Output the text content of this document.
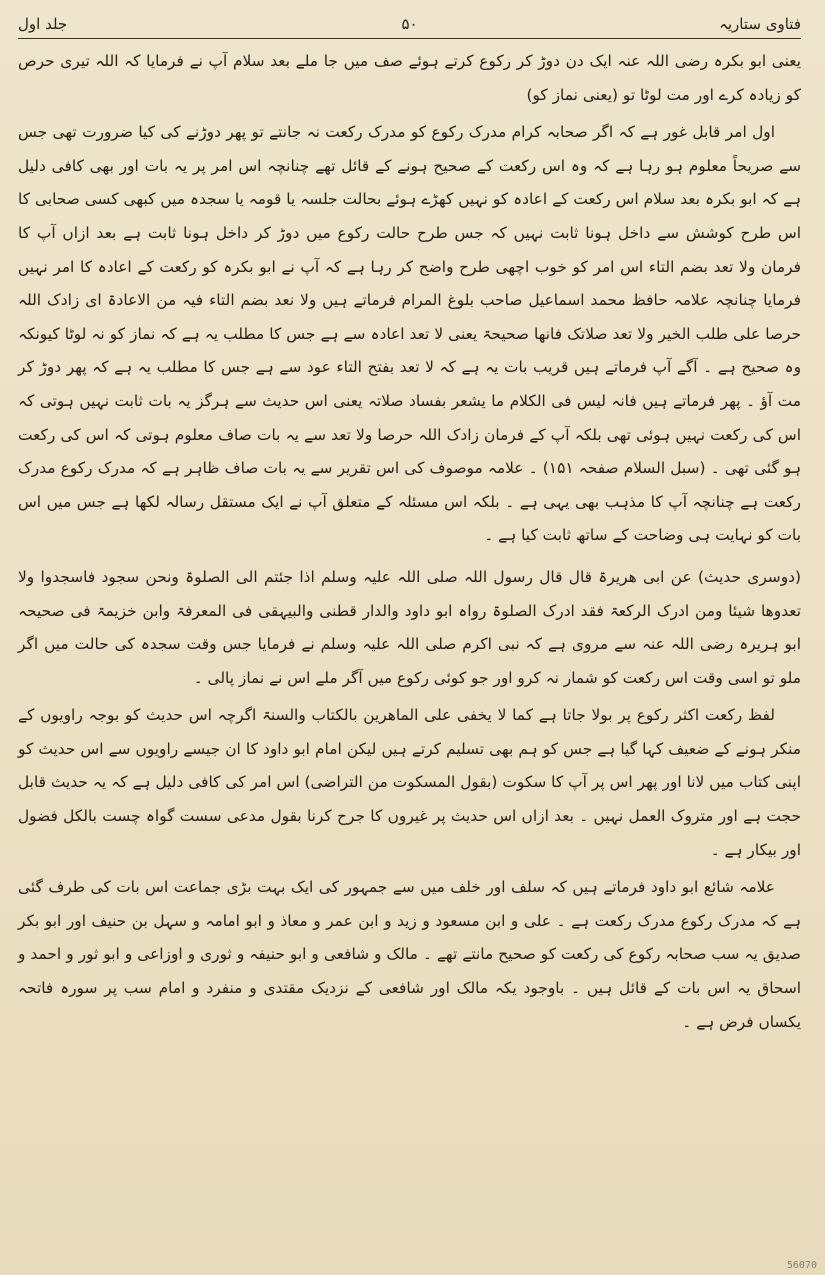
فتاوی ستاریہ
۵۰
جلد اول

یعنی ابو بکرہ رضی اللہ عنہ ایک دن دوڑ کر رکوع کرتے ہوئے صف میں جا ملے بعد سلام آپ نے فرمایا کہ اللہ تیری حرص کو زیادہ کرے اور مت لوٹا تو (یعنی نماز کو)

اول امر قابل غور ہے کہ اگر صحابہ کرام مدرک رکوع کو مدرک رکعت نہ جانتے تو پھر دوڑنے کی کیا ضرورت تھی جس سے صریحاً معلوم ہو رہا ہے کہ وہ اس رکعت کے صحیح ہونے کے قائل تھے چنانچہ اس امر پر یہ بات اور بھی کافی دلیل ہے کہ ابو بکرہ بعد سلام اس رکعت کے اعادہ کو نہیں کھڑے ہوئے بحالت جلسہ یا قومہ یا سجدہ میں کبھی کسی صحابی کا اس طرح کوشش سے داخل ہونا ثابت نہیں کہ جس طرح حالت رکوع میں دوڑ کر داخل ہونا ثابت ہے بعد ازاں آپ کا فرمان ولا تعد بضم التاء اس امر کو خوب اچھی طرح واضح کر رہا ہے کہ آپ نے ابو بکرہ کو رکعت کے اعادہ کا امر نہیں فرمایا چنانچہ علامہ حافظ محمد اسماعیل صاحب بلوغ المرام فرماتے ہیں ولا نعد بضم التاء فیہ من الاعادۃ ای زادک اللہ حرصا علی طلب الخیر ولا تعد صلاتک فانھا صحیحۃ یعنی لا تعد اعادہ سے ہے جس کا مطلب یہ ہے کہ نماز کو نہ لوٹا کیونکہ وہ صحیح ہے ۔ آگے آپ فرماتے ہیں قریب بات یہ ہے کہ لا تعد بفتح التاء عود سے ہے جس کا مطلب یہ ہے کہ پھر دوڑ کر مت آؤ ۔ پھر فرماتے ہیں فانہ لیس فی الکلام ما یشعر بفساد صلاتہ یعنی اس حدیث سے ہرگز یہ بات ثابت نہیں ہوتی کہ اس کی رکعت نہیں ہوئی تھی بلکہ آپ کے فرمان زادک اللہ حرصا ولا تعد سے یہ بات صاف معلوم ہوتی کہ اس کی رکعت ہو گئی تھی ۔ (سبل السلام صفحہ ۱۵۱) ۔ علامہ موصوف کی اس تقریر سے یہ بات صاف ظاہر ہے کہ مدرک رکوع مدرک رکعت ہے چنانچہ آپ کا مذہب بھی یہی ہے ۔ بلکہ اس مسئلہ کے متعلق آپ نے ایک مستقل رسالہ لکھا ہے جس میں اس بات کو نہایت ہی وضاحت کے ساتھ ثابت کیا ہے ۔

(دوسری حدیث) عن ابی ھریرۃ قال قال رسول اللہ صلی اللہ علیہ وسلم اذا جئتم الی الصلوۃ ونحن سجود فاسجدوا ولا تعدوھا شیئا ومن ادرک الرکعۃ فقد ادرک الصلوۃ رواہ ابو داود والدار قطنی والبیہقی فی المعرفۃ وابن خزیمۃ فی صحیحہ ابو ہریرہ رضی اللہ عنہ سے مروی ہے کہ نبی اکرم صلی اللہ علیہ وسلم نے فرمایا جس وقت سجدہ کی حالت میں اگر ملو تو اسی وقت اس رکعت کو شمار نہ کرو اور جو کوئی رکوع میں آگر ملے اس نے نماز پالی ۔

لفظ رکعت اکثر رکوع پر بولا جاتا ہے کما لا یخفی علی الماھرین بالکتاب والسنۃ اگرچہ اس حدیث کو بوجہ راویوں کے منکر ہونے کے ضعیف کہا گیا ہے جس کو ہم بھی تسلیم کرتے ہیں لیکن امام ابو داود کا ان جیسے راویوں سے اس حدیث کو اپنی کتاب میں لانا اور پھر اس پر آپ کا سکوت (بقول المسکوت من التراضی) اس امر کی کافی دلیل ہے کہ یہ حدیث قابل حجت ہے اور متروک العمل نہیں ۔ بعد ازاں اس حدیث پر غیروں کا جرح کرنا بقول مدعی سست گواہ چست بالکل فضول اور بیکار ہے ۔

علامہ شائع ابو داود فرماتے ہیں کہ سلف اور خلف میں سے جمہور کی ایک بہت بڑی جماعت اس بات کی طرف گئی ہے کہ مدرک رکوع مدرک رکعت ہے ۔ علی و ابن مسعود و زید و ابن عمر و معاذ و ابو امامہ و سہل بن حنیف اور ابو بکر صدیق یہ سب صحابہ رکوع کی رکعت کو صحیح مانتے تھے ۔ مالک و شافعی و ابو حنیفہ و ثوری و اوزاعی و ابو ثور و احمد و اسحاق یہ اس بات کے قائل ہیں ۔ باوجود یکہ مالک اور شافعی کے نزدیک مقتدی و منفرد و امام سب پر سورہ فاتحہ یکساں فرض ہے ۔

56070
